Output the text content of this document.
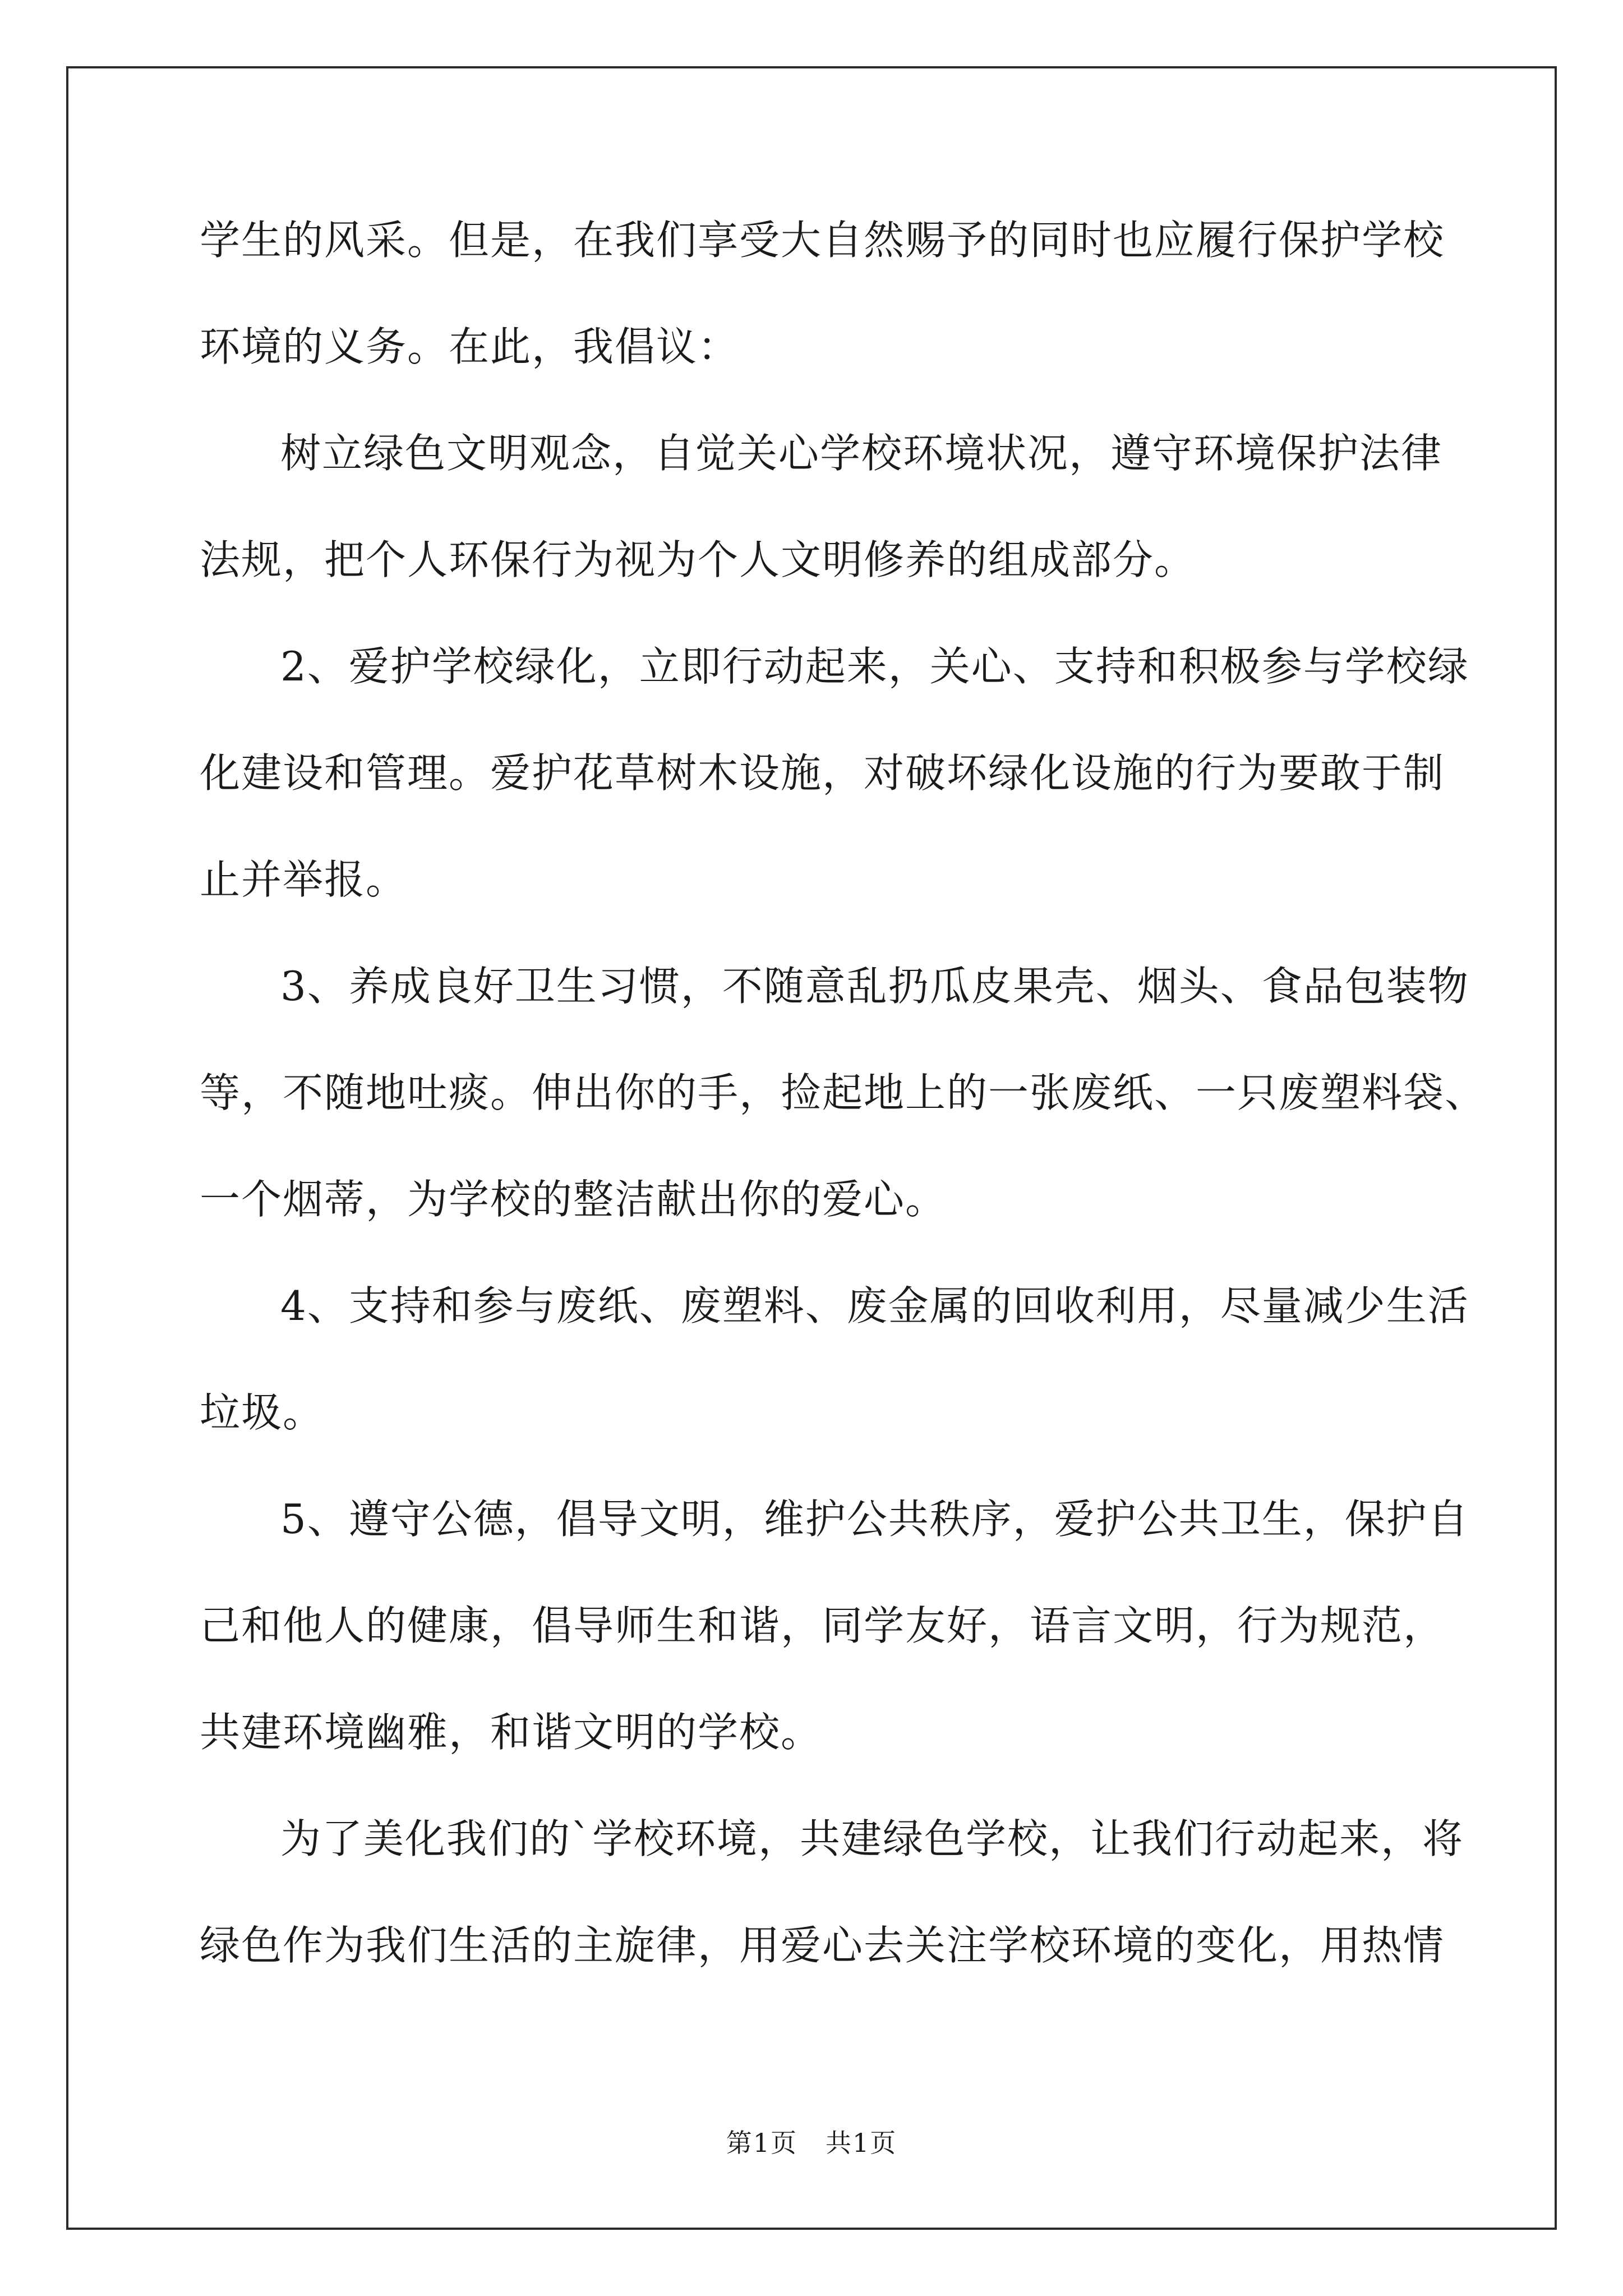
学生的风采。但是，在我们享受大自然赐予的同时也应履行保护学校
环境的义务。在此，我倡议：
树立绿色文明观念，自觉关心学校环境状况，遵守环境保护法律
法规，把个人环保行为视为个人文明修养的组成部分。
2、爱护学校绿化，立即行动起来，关心、支持和积极参与学校绿
化建设和管理。爱护花草树木设施，对破坏绿化设施的行为要敢于制
止并举报。
3、养成良好卫生习惯，不随意乱扔瓜皮果壳、烟头、食品包装物
等，不随地吐痰。伸出你的手，捡起地上的一张废纸、一只废塑料袋、
一个烟蒂，为学校的整洁献出你的爱心。
4、支持和参与废纸、废塑料、废金属的回收利用，尽量减少生活
垃圾。
5、遵守公德，倡导文明，维护公共秩序，爱护公共卫生，保护自
己和他人的健康，倡导师生和谐，同学友好，语言文明，行为规范，
共建环境幽雅，和谐文明的学校。
为了美化我们的`学校环境，共建绿色学校，让我们行动起来，将
绿色作为我们生活的主旋律，用爱心去关注学校环境的变化，用热情
第1页 共1页
